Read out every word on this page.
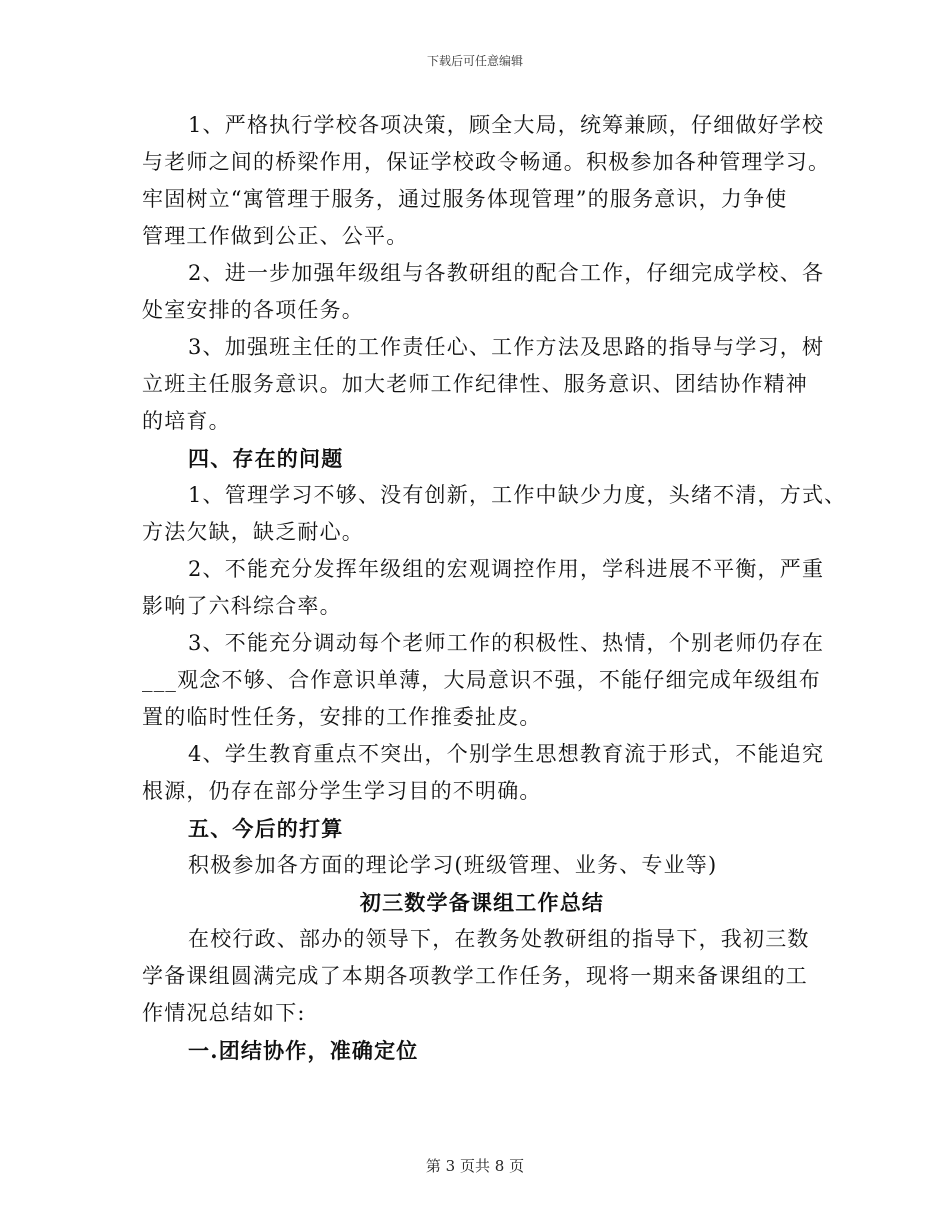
下载后可任意编辑
1、严格执行学校各项决策，顾全大局，统筹兼顾，仔细做好学校
与老师之间的桥梁作用，保证学校政令畅通。积极参加各种管理学习。
牢固树立“寓管理于服务，通过服务体现管理”的服务意识，力争使
管理工作做到公正、公平。
2、进一步加强年级组与各教研组的配合工作，仔细完成学校、各
处室安排的各项任务。
3、加强班主任的工作责任心、工作方法及思路的指导与学习，树
立班主任服务意识。加大老师工作纪律性、服务意识、团结协作精神
的培育。
四、存在的问题
1、管理学习不够、没有创新，工作中缺少力度，头绪不清，方式、
方法欠缺，缺乏耐心。
2、不能充分发挥年级组的宏观调控作用，学科进展不平衡，严重
影响了六科综合率。
3、不能充分调动每个老师工作的积极性、热情，个别老师仍存在
___观念不够、合作意识单薄，大局意识不强，不能仔细完成年级组布
置的临时性任务，安排的工作推委扯皮。
4、学生教育重点不突出，个别学生思想教育流于形式，不能追究
根源，仍存在部分学生学习目的不明确。
五、今后的打算
积极参加各方面的理论学习(班级管理、业务、专业等)
初三数学备课组工作总结
在校行政、部办的领导下，在教务处教研组的指导下，我初三数
学备课组圆满完成了本期各项教学工作任务，现将一期来备课组的工
作情况总结如下:
一.团结协作，准确定位
第 3 页共 8 页
